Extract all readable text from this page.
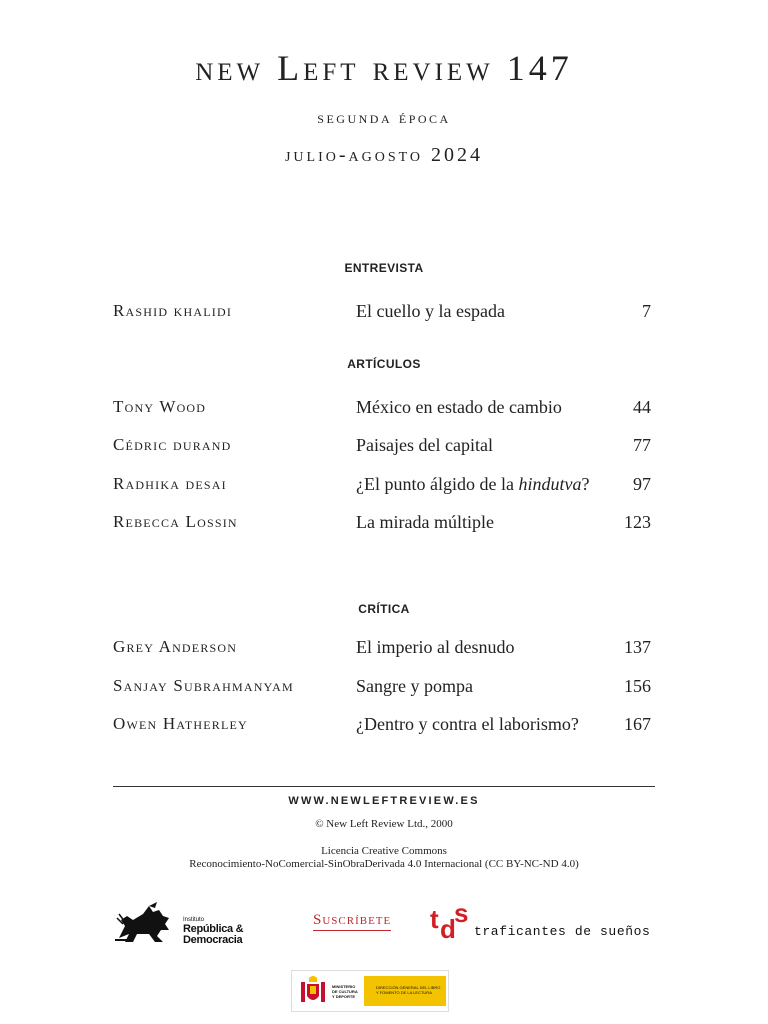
new Left review 147
segunda época
julio-agosto 2024
ENTREVISTA
Rashid khalidi	El cuello y la espada	7
ARTÍCULOS
Tony Wood	México en estado de cambio	44
Cédric durand	Paisajes del capital	77
Radhika desai	¿El punto álgido de la hindutva? 97
Rebecca Lossin	La mirada múltiple	123
CRÍTICA
Grey Anderson	El imperio al desnudo	137
Sanjay Subrahmanyam	Sangre y pompa	156
Owen Hatherley	¿Dentro y contra el laborismo?	167
WWW.NEWLEFTREVIEW.ES
© New Left Review Ltd., 2000
Licencia Creative Commons
Reconocimiento-NoComercial-SinObraDerivada 4.0 Internacional (CC BY-NC-ND 4.0)
Instituto
República &
Democracia
Suscríbete t d
s
traficantes de sueños
MINISTERIO
DE CULTURA
Y DEPORTE
DIRECCIÓN GENERAL DEL LIBRO
Y FOMENTO DE LA LECTURA
